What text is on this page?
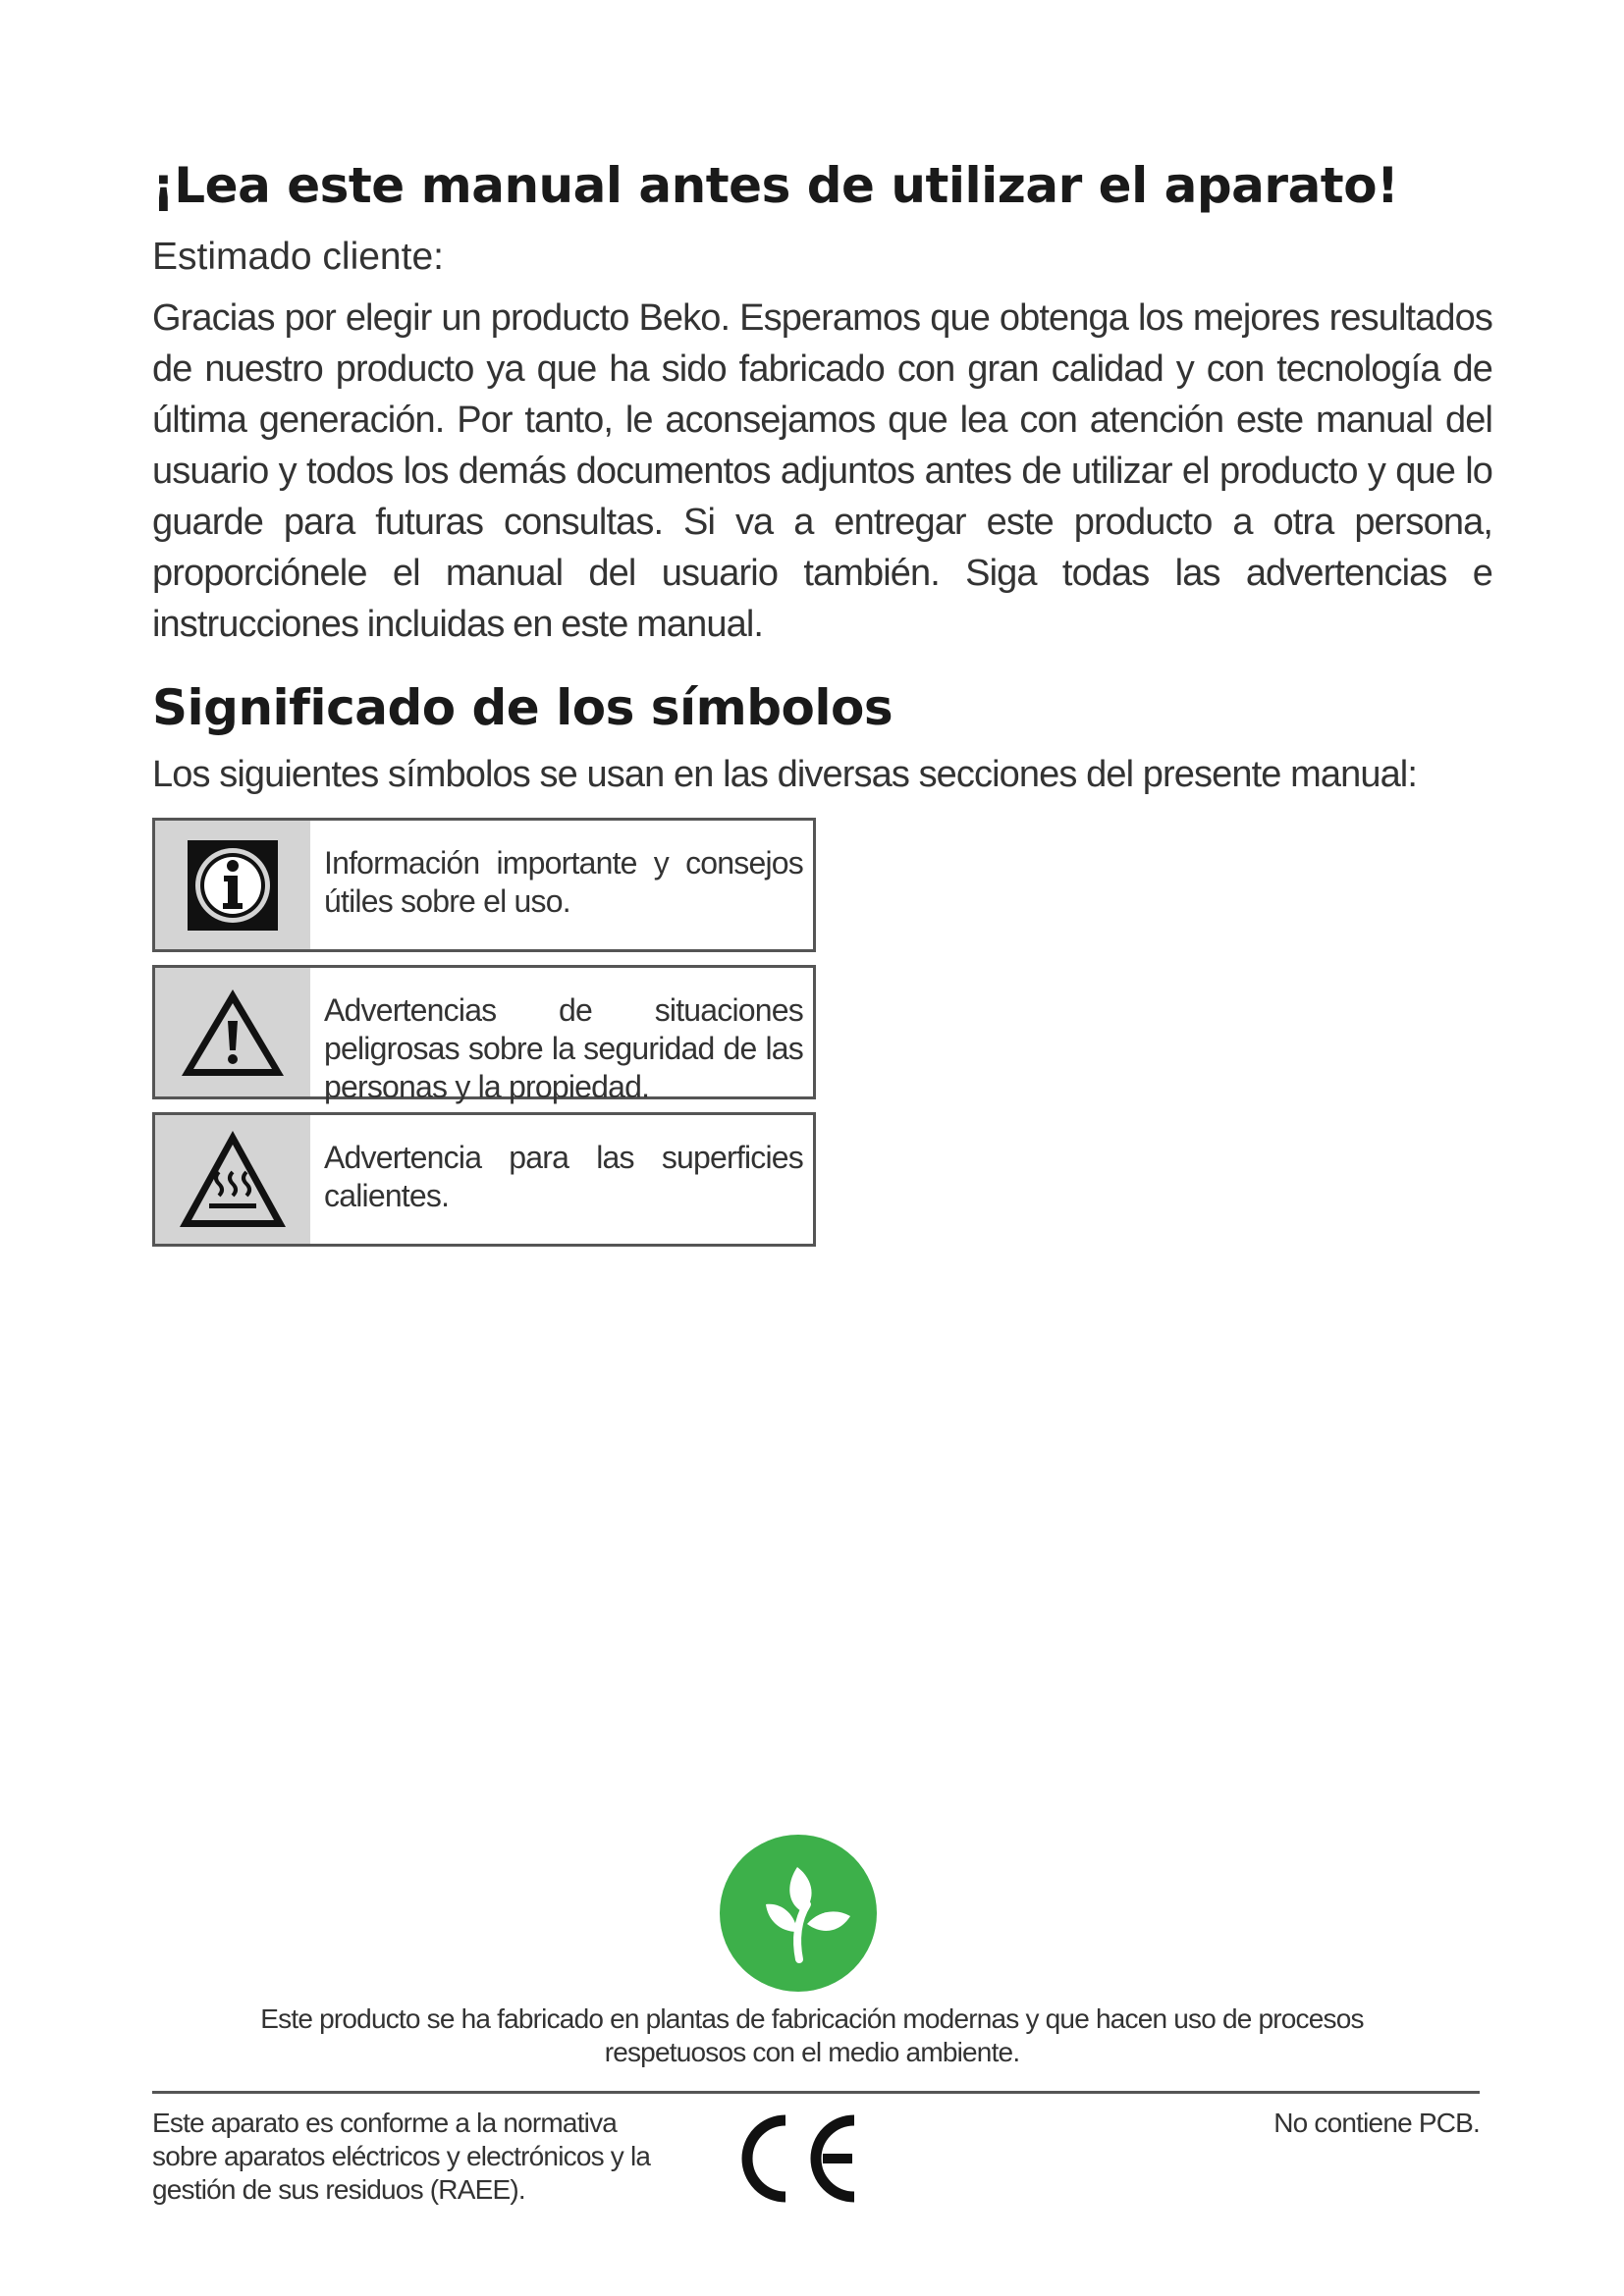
¡Lea este manual antes de utilizar el aparato!

Estimado cliente:

Gracias por elegir un producto Beko. Esperamos que obtenga los mejores resultados de nuestro producto ya que ha sido fabricado con gran calidad y con tecnología de última generación. Por tanto, le aconsejamos que lea con atención este manual del usuario y todos los demás documentos adjuntos antes de utilizar el producto y que lo guarde para futuras consultas. Si va a entregar este producto a otra persona, proporciónele el manual del usuario también. Siga todas las advertencias e instrucciones incluidas en este manual.

Significado de los símbolos

Los siguientes símbolos se usan en las diversas secciones del presente manual:

Información importante y consejos útiles sobre el uso.
Advertencias de situaciones peligrosas sobre la seguridad de las personas y la propiedad.
Advertencia para las superficies calientes.

Este producto se ha fabricado en plantas de fabricación modernas y que hacen uso de procesos respetuosos con el medio ambiente.

Este aparato es conforme a la normativa sobre aparatos eléctricos y electrónicos y la gestión de sus residuos (RAEE).

No contiene PCB.
